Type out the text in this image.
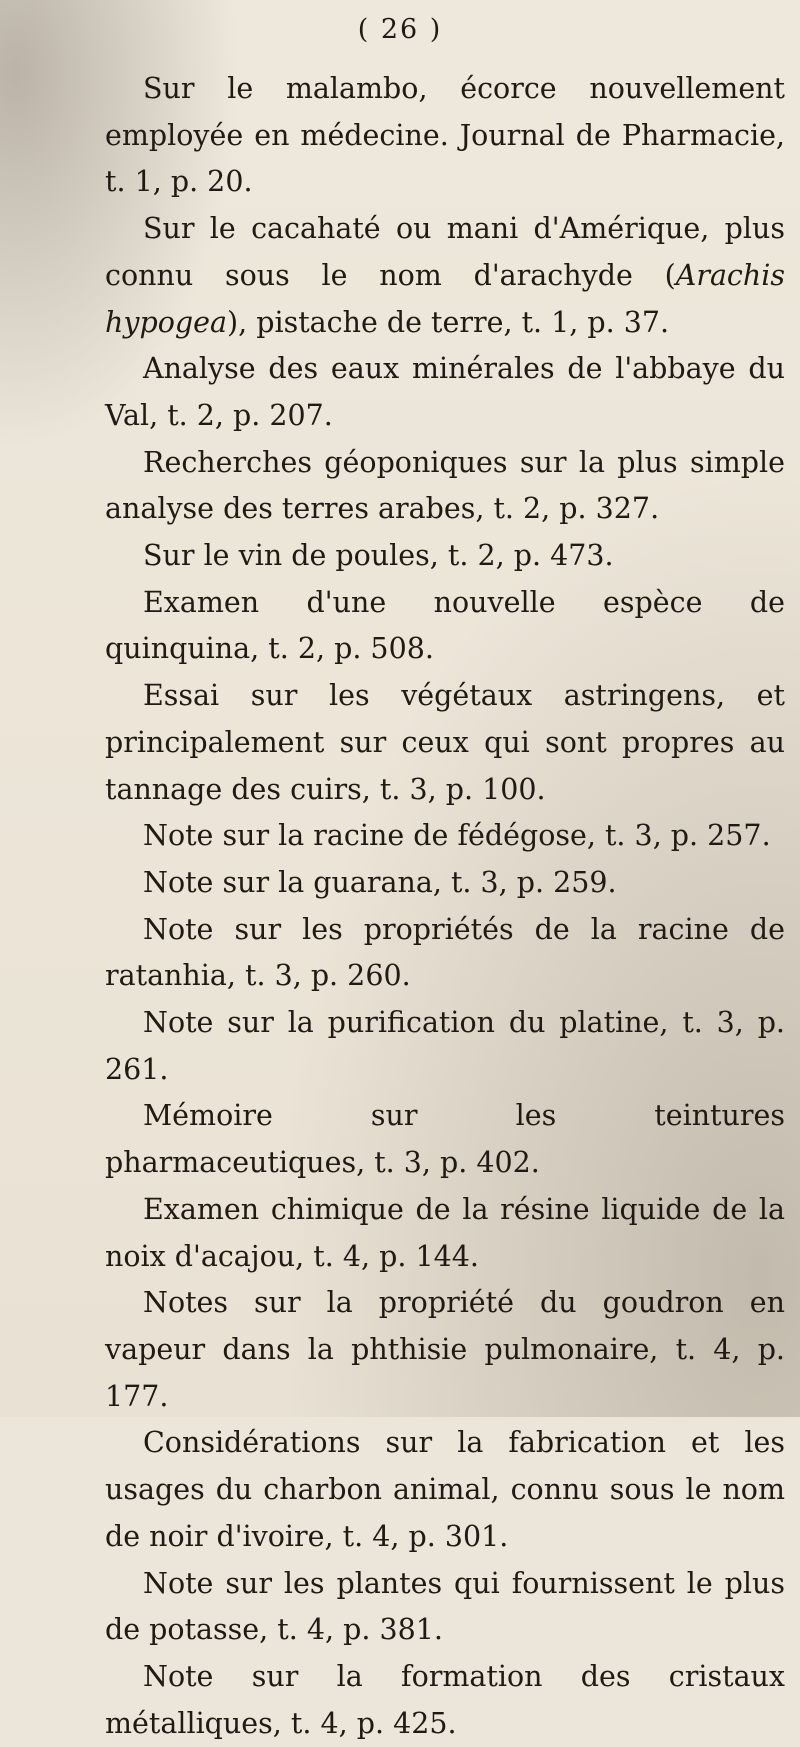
( 26 )

Sur le malambo, écorce nouvellement employée en médecine. Journal de Pharmacie, t. 1, p. 20.

Sur le cacahaté ou mani d'Amérique, plus connu sous le nom d'arachyde (Arachis hypogea), pistache de terre, t. 1, p. 37.

Analyse des eaux minérales de l'abbaye du Val, t. 2, p. 207.

Recherches géoponiques sur la plus simple analyse des terres arabes, t. 2, p. 327.

Sur le vin de poules, t. 2, p. 473.

Examen d'une nouvelle espèce de quinquina, t. 2, p. 508.

Essai sur les végétaux astringens, et principalement sur ceux qui sont propres au tannage des cuirs, t. 3, p. 100.

Note sur la racine de fédégose, t. 3, p. 257.

Note sur la guarana, t. 3, p. 259.

Note sur les propriétés de la racine de ratanhia, t. 3, p. 260.

Note sur la purification du platine, t. 3, p. 261.

Mémoire sur les teintures pharmaceutiques, t. 3, p. 402.

Examen chimique de la résine liquide de la noix d'acajou, t. 4, p. 144.

Notes sur la propriété du goudron en vapeur dans la phthisie pulmonaire, t. 4, p. 177.

Considérations sur la fabrication et les usages du charbon animal, connu sous le nom de noir d'ivoire, t. 4, p. 301.

Note sur les plantes qui fournissent le plus de potasse, t. 4, p. 381.

Note sur la formation des cristaux métalliques, t. 4, p. 425.
